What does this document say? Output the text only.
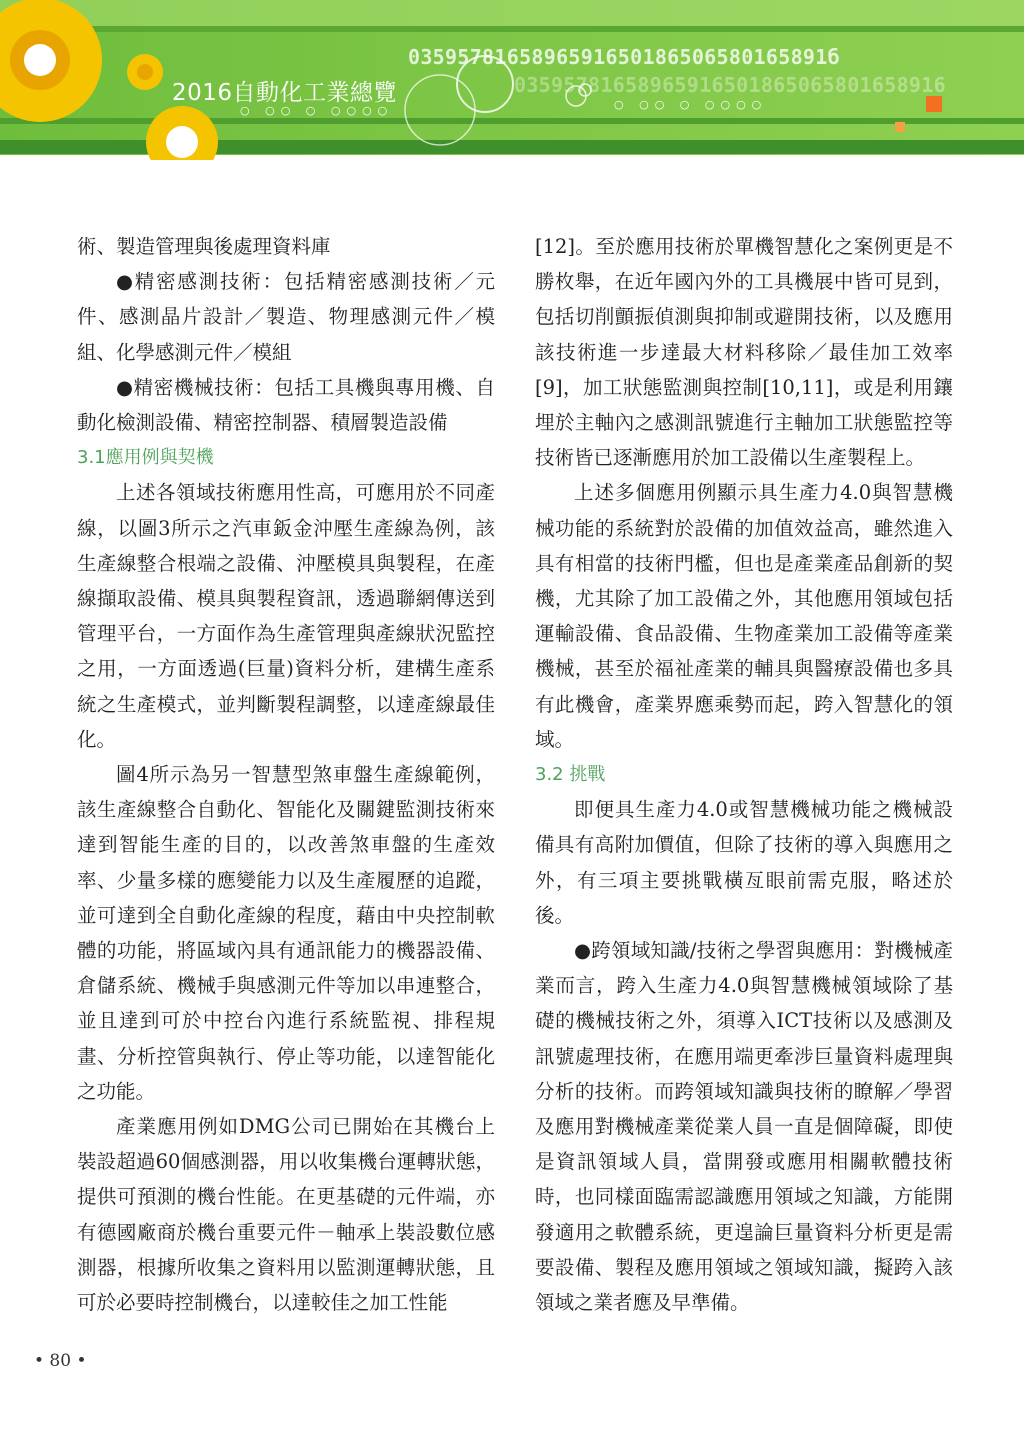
0359578165896591650186506580165891б
03595781658965916501865065801658916
○ ○○ ○ ○○○○	○ ○○ ○ ○○○○
2016自動化工業總覽

術、製造管理與後處理資料庫

●精密感測技術：包括精密感測技術／元件、感測晶片設計／製造、物理感測元件／模組、化學感測元件／模組

●精密機械技術：包括工具機與專用機、自動化檢測設備、精密控制器、積層製造設備

3.1應用例與契機

上述各領域技術應用性高，可應用於不同產線，以圖3所示之汽車鈑金沖壓生產線為例，該生產線整合根端之設備、沖壓模具與製程，在產線擷取設備、模具與製程資訊，透過聯網傳送到管理平台，一方面作為生產管理與產線狀況監控之用，一方面透過(巨量)資料分析，建構生產系統之生產模式，並判斷製程調整，以達產線最佳化。

圖4所示為另一智慧型煞車盤生產線範例，該生產線整合自動化、智能化及關鍵監測技術來達到智能生產的目的，以改善煞車盤的生產效率、少量多樣的應變能力以及生產履歷的追蹤，並可達到全自動化產線的程度，藉由中央控制軟體的功能，將區域內具有通訊能力的機器設備、倉儲系統、機械手與感測元件等加以串連整合，並且達到可於中控台內進行系統監視、排程規畫、分析控管與執行、停止等功能，以達智能化之功能。

產業應用例如DMG公司已開始在其機台上裝設超過60個感測器，用以收集機台運轉狀態，提供可預測的機台性能。在更基礎的元件端，亦有德國廠商於機台重要元件－軸承上裝設數位感測器，根據所收集之資料用以監測運轉狀態，且可於必要時控制機台，以達較佳之加工性能

[12]。至於應用技術於單機智慧化之案例更是不勝枚舉，在近年國內外的工具機展中皆可見到，包括切削顫振偵測與抑制或避開技術，以及應用該技術進一步達最大材料移除／最佳加工效率[9]，加工狀態監測與控制[10,11]，或是利用鑲埋於主軸內之感測訊號進行主軸加工狀態監控等技術皆已逐漸應用於加工設備以生產製程上。

上述多個應用例顯示具生產力4.0與智慧機械功能的系統對於設備的加值效益高，雖然進入具有相當的技術門檻，但也是產業產品創新的契機，尤其除了加工設備之外，其他應用領域包括運輸設備、食品設備、生物產業加工設備等產業機械，甚至於福祉產業的輔具與醫療設備也多具有此機會，產業界應乘勢而起，跨入智慧化的領域。

3.2 挑戰

即便具生產力4.0或智慧機械功能之機械設備具有高附加價值，但除了技術的導入與應用之外，有三項主要挑戰橫亙眼前需克服，略述於後。

●跨領域知識/技術之學習與應用：對機械產業而言，跨入生產力4.0與智慧機械領域除了基礎的機械技術之外，須導入ICT技術以及感測及訊號處理技術，在應用端更牽涉巨量資料處理與分析的技術。而跨領域知識與技術的瞭解／學習及應用對機械產業從業人員一直是個障礙，即使是資訊領域人員，當開發或應用相關軟體技術時，也同樣面臨需認識應用領域之知識，方能開發適用之軟體系統，更遑論巨量資料分析更是需要設備、製程及應用領域之領域知識，擬跨入該領域之業者應及早準備。

• 80 •
